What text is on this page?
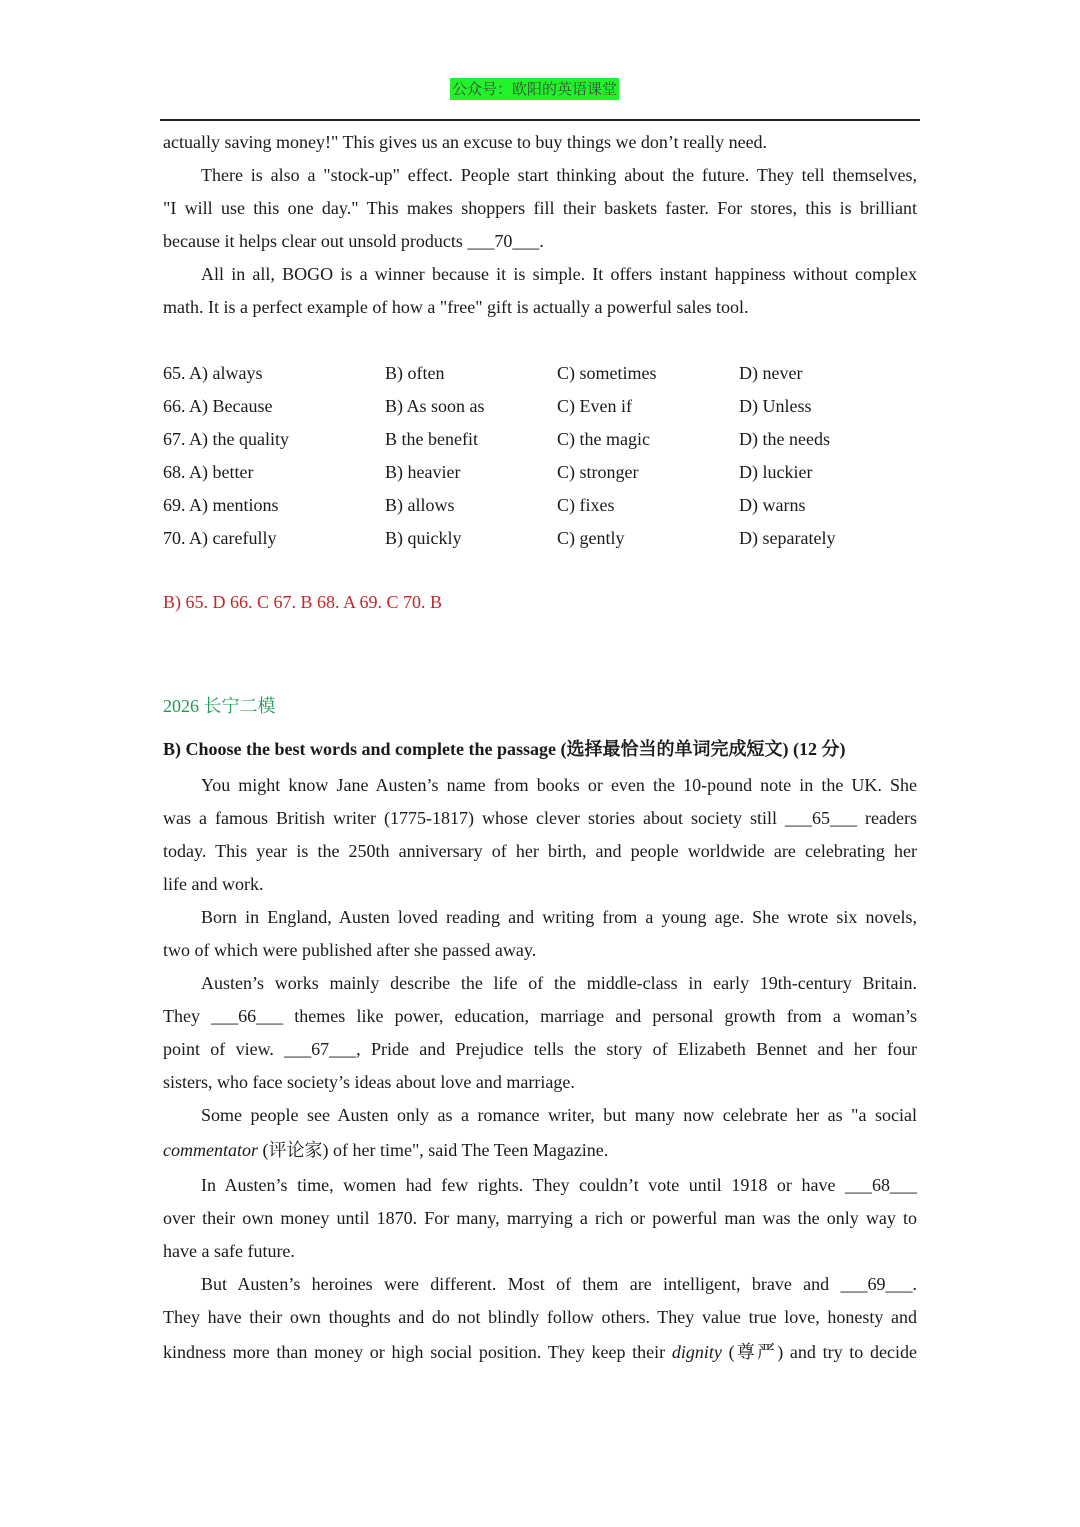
公众号：欧阳的英语课堂
actually saving money!" This gives us an excuse to buy things we don’t really need.
There is also a "stock-up" effect. People start thinking about the future. They tell themselves,
"I will use this one day." This makes shoppers fill their baskets faster. For stores, this is brilliant
because it helps clear out unsold products ___70___.
All in all, BOGO is a winner because it is simple. It offers instant happiness without complex
math. It is a perfect example of how a "free" gift is actually a powerful sales tool.
65. A) always	B) often	C) sometimes	D) never
66. A) Because	B) As soon as	C) Even if	D) Unless
67. A) the quality	B the benefit	C) the magic	D) the needs
68. A) better	B) heavier	C) stronger	D) luckier
69. A) mentions	B) allows	C) fixes	D) warns
70. A) carefully	B) quickly	C) gently	D) separately
B) 65. D 66. C 67. B 68. A 69. C 70. B
2026 长宁二模
B) Choose the best words and complete the passage (选择最恰当的单词完成短文) (12 分)
You might know Jane Austen’s name from books or even the 10-pound note in the UK. She
was a famous British writer (1775-1817) whose clever stories about society still ___65___ readers
today. This year is the 250th anniversary of her birth, and people worldwide are celebrating her
life and work.
Born in England, Austen loved reading and writing from a young age. She wrote six novels,
two of which were published after she passed away.
Austen’s works mainly describe the life of the middle-class in early 19th-century Britain.
They ___66___ themes like power, education, marriage and personal growth from a woman’s
point of view. ___67___, Pride and Prejudice tells the story of Elizabeth Bennet and her four
sisters, who face society’s ideas about love and marriage.
Some people see Austen only as a romance writer, but many now celebrate her as "a social
commentator (评论家) of her time", said The Teen Magazine.
In Austen’s time, women had few rights. They couldn’t vote until 1918 or have ___68___
over their own money until 1870. For many, marrying a rich or powerful man was the only way to
have a safe future.
But Austen’s heroines were different. Most of them are intelligent, brave and ___69___.
They have their own thoughts and do not blindly follow others. They value true love, honesty and
kindness more than money or high social position. They keep their dignity (尊严) and try to decide
